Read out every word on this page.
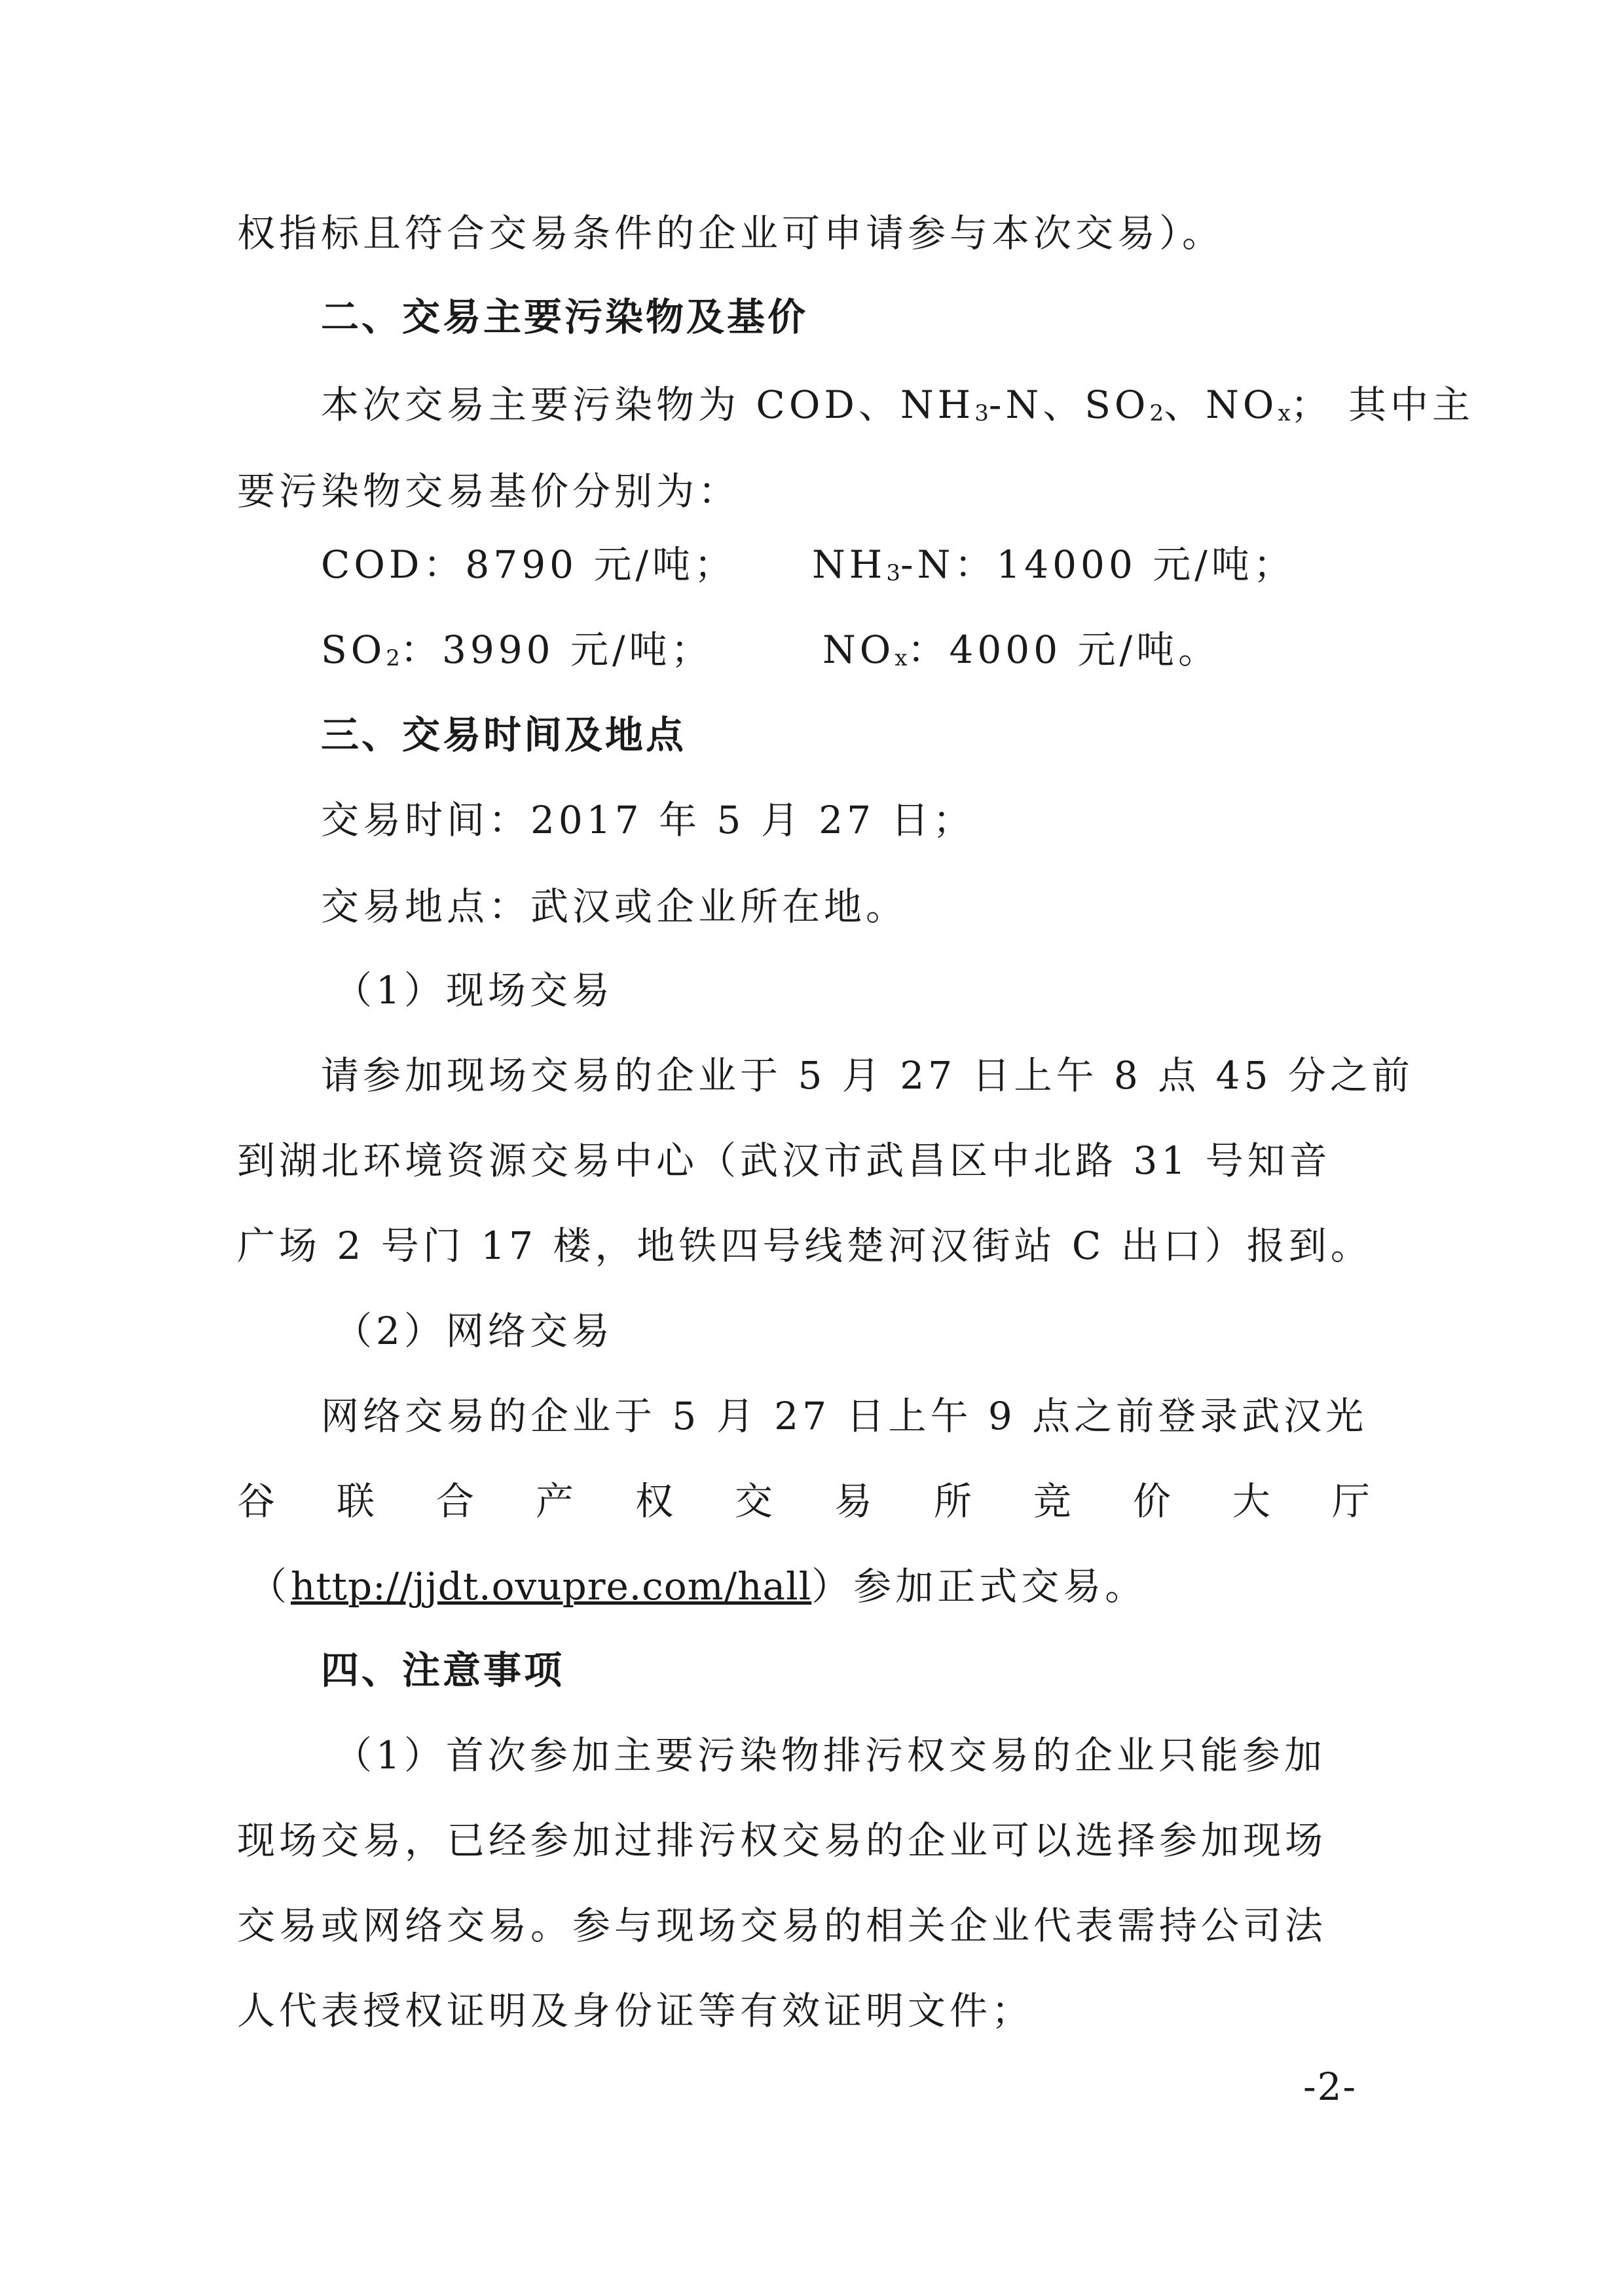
权指标且符合交易条件的企业可申请参与本次交易）。
二、交易主要污染物及基价
本次交易主要污染物为 COD、NH3-N、SO2、NOx； 其中主
要污染物交易基价分别为：
COD：8790 元/吨； NH3-N：14000 元/吨；
SO2：3990 元/吨；	NOx：4000 元/吨。
三、交易时间及地点
交易时间：2017 年 5 月 27 日；
交易地点：武汉或企业所在地。
（1）现场交易
请参加现场交易的企业于 5 月 27 日上午 8 点 45 分之前
到湖北环境资源交易中心（武汉市武昌区中北路 31 号知音
广场 2 号门 17 楼，地铁四号线楚河汉街站 C 出口）报到。
（2）网络交易
网络交易的企业于 5 月 27 日上午 9 点之前登录武汉光
谷 联 合 产 权 交 易 所 竞 价 大 厅
（http://jjdt.ovupre.com/hall）参加正式交易。
四、注意事项
（1）首次参加主要污染物排污权交易的企业只能参加
现场交易，已经参加过排污权交易的企业可以选择参加现场
交易或网络交易。参与现场交易的相关企业代表需持公司法
人代表授权证明及身份证等有效证明文件；
-2-
